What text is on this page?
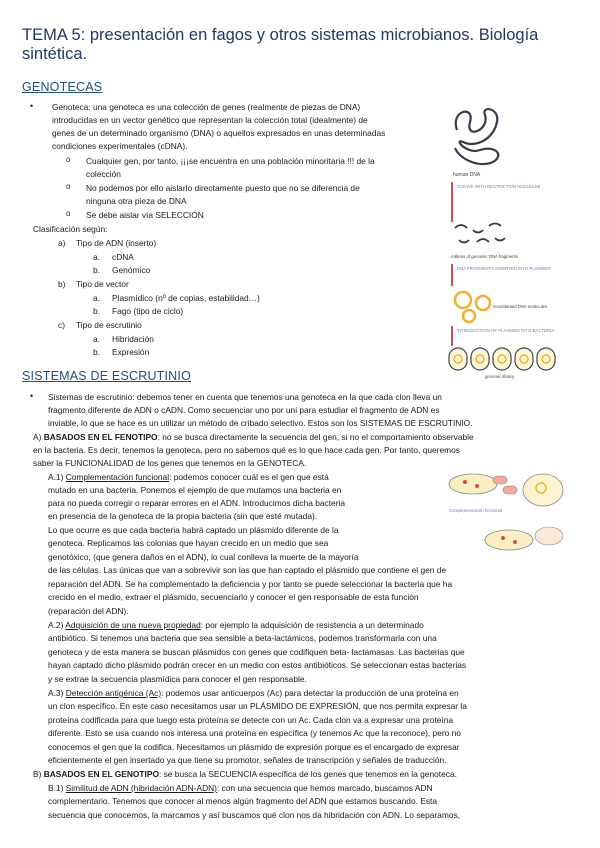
TEMA 5: presentación en fagos y otros sistemas microbianos. Biología sintética.
GENOTECAS
• Genoteca: una genoteca es una colección de genes (realmente de piezas de DNA)
introducidas en un vector genético que representan la colección total (idealmente) de
genes de un determinado organismo (DNA) o aquellos expresados en unas determinadas
condiciones experimentales (cDNA).
o Cualquier gen, por tanto, ¡¡¡se encuentra en una población minoritaria !!! de la
colección
o No podemos por ello aislarlo directamente puesto que no se diferencia de
ninguna otra pieza de DNA
o Se debe aislar vía SELECCIÓN
Clasificación según:
a) Tipo de ADN (inserto)
a. cDNA
b. Genómico
b) Tipo de vector
a. Plasmídico (nº de copias, estabilidad…)
b. Fago (tipo de ciclo)
c) Tipo de escrutinio
a. Hibridación
b. Expresión
human DNA
CLEAVE WITH RESTRICTION NUCLEASE
millions of genomic DNA fragments
DNA FRAGMENTS INSERTED INTO PLASMIDS
recombinant DNA molecules
INTRODUCTION OF PLASMIDS INTO BACTERIA
genomic library
SISTEMAS DE ESCRUTINIO
• Sistemas de escrutinio: debemos tener en cuenta que tenemos una genoteca en la que cada clon lleva un
fragmento diferente de ADN o cADN. Como secuenciar uno por uni para estudiar el fragmento de ADN es
inviable, lo que se hace es un utilizar un método de cribado selectivo. Estos son los SISTEMAS DE ESCRUTINIO.
A) BASADOS EN EL FENOTIPO: no se busca directamente la secuencia del gen, si no el comportamiento observable
en la bacteria. Es decir, tenemos la genoteca, pero no sabemos qué es lo que hace cada gen. Por tanto, queremos
saber la FUNCIONALIDAD de los genes que tenemos en la GENOTECA.
A.1) Complementación funcional: podemos conocer cuál es el gen que está
mutado en una bacteria. Ponemos el ejemplo de que mutamos una bacteria en
para no pueda corregir o reparar errores en el ADN. Introducimos dicha bacteria
en presencia de la genoteca de la propia bacteria (sin que esté mutada).
Lo que ocurre es que cada bacteria habrá captado un plásmido diferente de la
genoteca. Replicamos las colonias que hayan crecido en un medio que sea
genotóxico, (que genera daños en el ADN), lo cual conlleva la muerte de la mayoría
de las células. Las únicas que van a sobrevivir son las que han captado el plásmido que contiene el gen de
reparación del ADN. Se ha complementado la deficiencia y por tanto se puede seleccionar la bacteria que ha
crecido en el medio, extraer el plásmido, secuenciarlo y conocer el gen responsable de esta función
(reparación del ADN).
Complementación funcional
A.2) Adquisición de una nueva propiedad: por ejemplo la adquisición de resistencia a un determinado
antibiótico. Si tenemos una bacteria que sea sensible a beta-lactámicos, podemos transformarla con una
genoteca y de esta manera se buscan plásmidos con genes que codifiquen beta- lactamasas. Las bacterias que
hayan captado dicho plásmido podrán crecer en un medio con estos antibióticos. Se seleccionan estas bacterias
y se extrae la secuencia plasmídica para conocer el gen responsable.
A.3) Detección antigénica (Ac): podemos usar anticuerpos (Ac) para detectar la producción de una proteína en
un clon específico. En este caso necesitamos usar un PLÁSMIDO DE EXPRESIÓN, que nos permita expresar la
proteína codificada para que luego esta proteína se detecte con un Ac. Cada clon va a expresar una proteína
diferente. Esto se usa cuando nos interesa una proteína en específica (y tenemos Ac que la reconoce), pero no
conocemos el gen que la codifica. Necesitamos un plásmido de expresión porque es el encargado de expresar
eficientemente el gen insertado ya que tiene su promotor, señales de transcripción y señales de traducción.
B) BASADOS EN EL GENOTIPO: se busca la SECUENCIA específica de los genes que tenemos en la genoteca.
B.1) Similitud de ADN (hibridación ADN-ADN): con una secuencia que hemos marcado, buscamos ADN
complementario. Tenemos que conocer al menos algún fragmento del ADN que estamos buscando. Esta
secuencia que conocemos, la marcamos y así buscamos qué clon nos da hibridación con ADN. Lo separamos,
